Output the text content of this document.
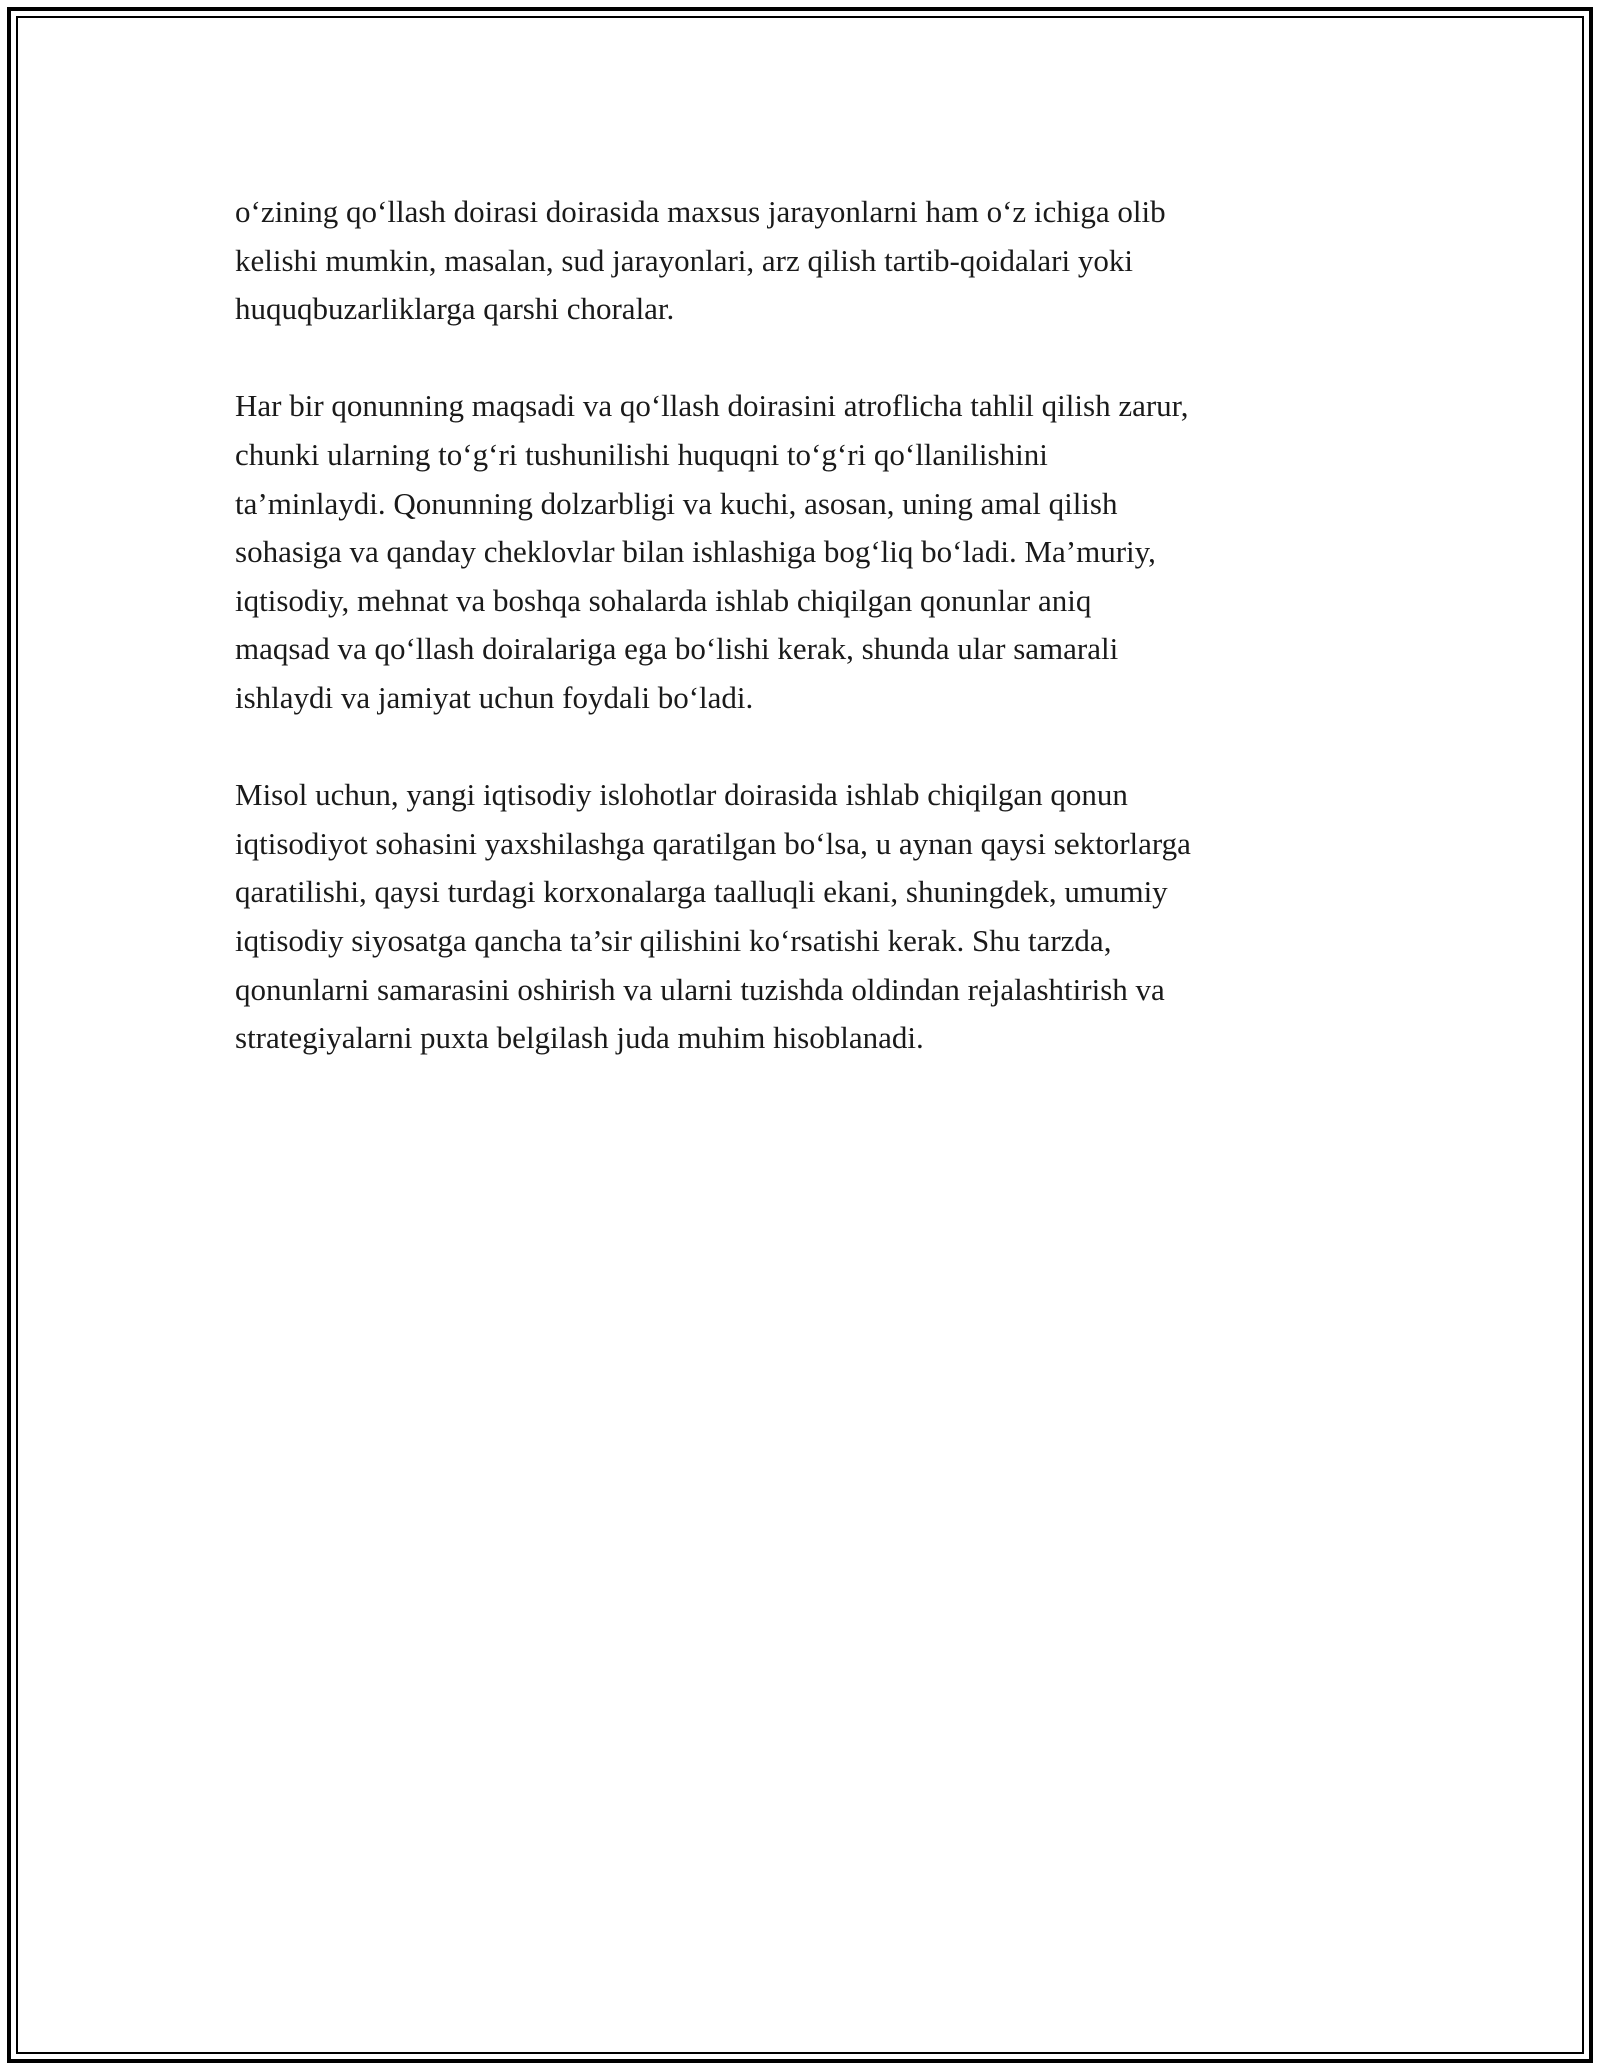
o‘zining qo‘llash doirasi doirasida maxsus jarayonlarni ham o‘z ichiga olib
kelishi mumkin, masalan, sud jarayonlari, arz qilish tartib-qoidalari yoki
huquqbuzarliklarga qarshi choralar.

Har bir qonunning maqsadi va qo‘llash doirasini atroflicha tahlil qilish zarur,
chunki ularning to‘g‘ri tushunilishi huquqni to‘g‘ri qo‘llanilishini
ta’minlaydi. Qonunning dolzarbligi va kuchi, asosan, uning amal qilish
sohasiga va qanday cheklovlar bilan ishlashiga bog‘liq bo‘ladi. Ma’muriy,
iqtisodiy, mehnat va boshqa sohalarda ishlab chiqilgan qonunlar aniq
maqsad va qo‘llash doiralariga ega bo‘lishi kerak, shunda ular samarali
ishlaydi va jamiyat uchun foydali bo‘ladi.

Misol uchun, yangi iqtisodiy islohotlar doirasida ishlab chiqilgan qonun
iqtisodiyot sohasini yaxshilashga qaratilgan bo‘lsa, u aynan qaysi sektorlarga
qaratilishi, qaysi turdagi korxonalarga taalluqli ekani, shuningdek, umumiy
iqtisodiy siyosatga qancha ta’sir qilishini ko‘rsatishi kerak. Shu tarzda,
qonunlarni samarasini oshirish va ularni tuzishda oldindan rejalashtirish va
strategiyalarni puxta belgilash juda muhim hisoblanadi.
